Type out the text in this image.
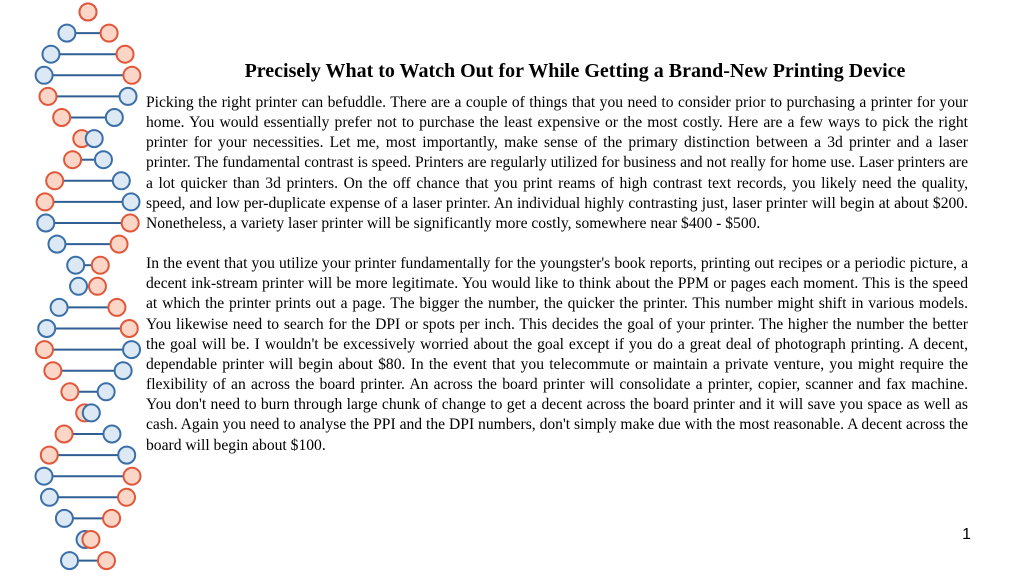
Precisely What to Watch Out for While Getting a Brand-New Printing Device

Picking the right printer can befuddle. There are a couple of things that you need to consider prior to purchasing a printer for your home. You would essentially prefer not to purchase the least expensive or the most costly. Here are a few ways to pick the right printer for your necessities. Let me, most importantly, make sense of the primary distinction between a 3d printer and a laser printer. The fundamental contrast is speed. Printers are regularly utilized for business and not really for home use. Laser printers are a lot quicker than 3d printers. On the off chance that you print reams of high contrast text records, you likely need the quality, speed, and low per-duplicate expense of a laser printer. An individual highly contrasting just, laser printer will begin at about $200. Nonetheless, a variety laser printer will be significantly more costly, somewhere near $400 - $500.

In the event that you utilize your printer fundamentally for the youngster's book reports, printing out recipes or a periodic picture, a decent ink-stream printer will be more legitimate. You would like to think about the PPM or pages each moment. This is the speed at which the printer prints out a page. The bigger the number, the quicker the printer. This number might shift in various models. You likewise need to search for the DPI or spots per inch. This decides the goal of your printer. The higher the number the better the goal will be. I wouldn't be excessively worried about the goal except if you do a great deal of photograph printing. A decent, dependable printer will begin about $80. In the event that you telecommute or maintain a private venture, you might require the flexibility of an across the board printer. An across the board printer will consolidate a printer, copier, scanner and fax machine. You don't need to burn through large chunk of change to get a decent across the board printer and it will save you space as well as cash. Again you need to analyse the PPI and the DPI numbers, don't simply make due with the most reasonable. A decent across the board will begin about $100.

1
